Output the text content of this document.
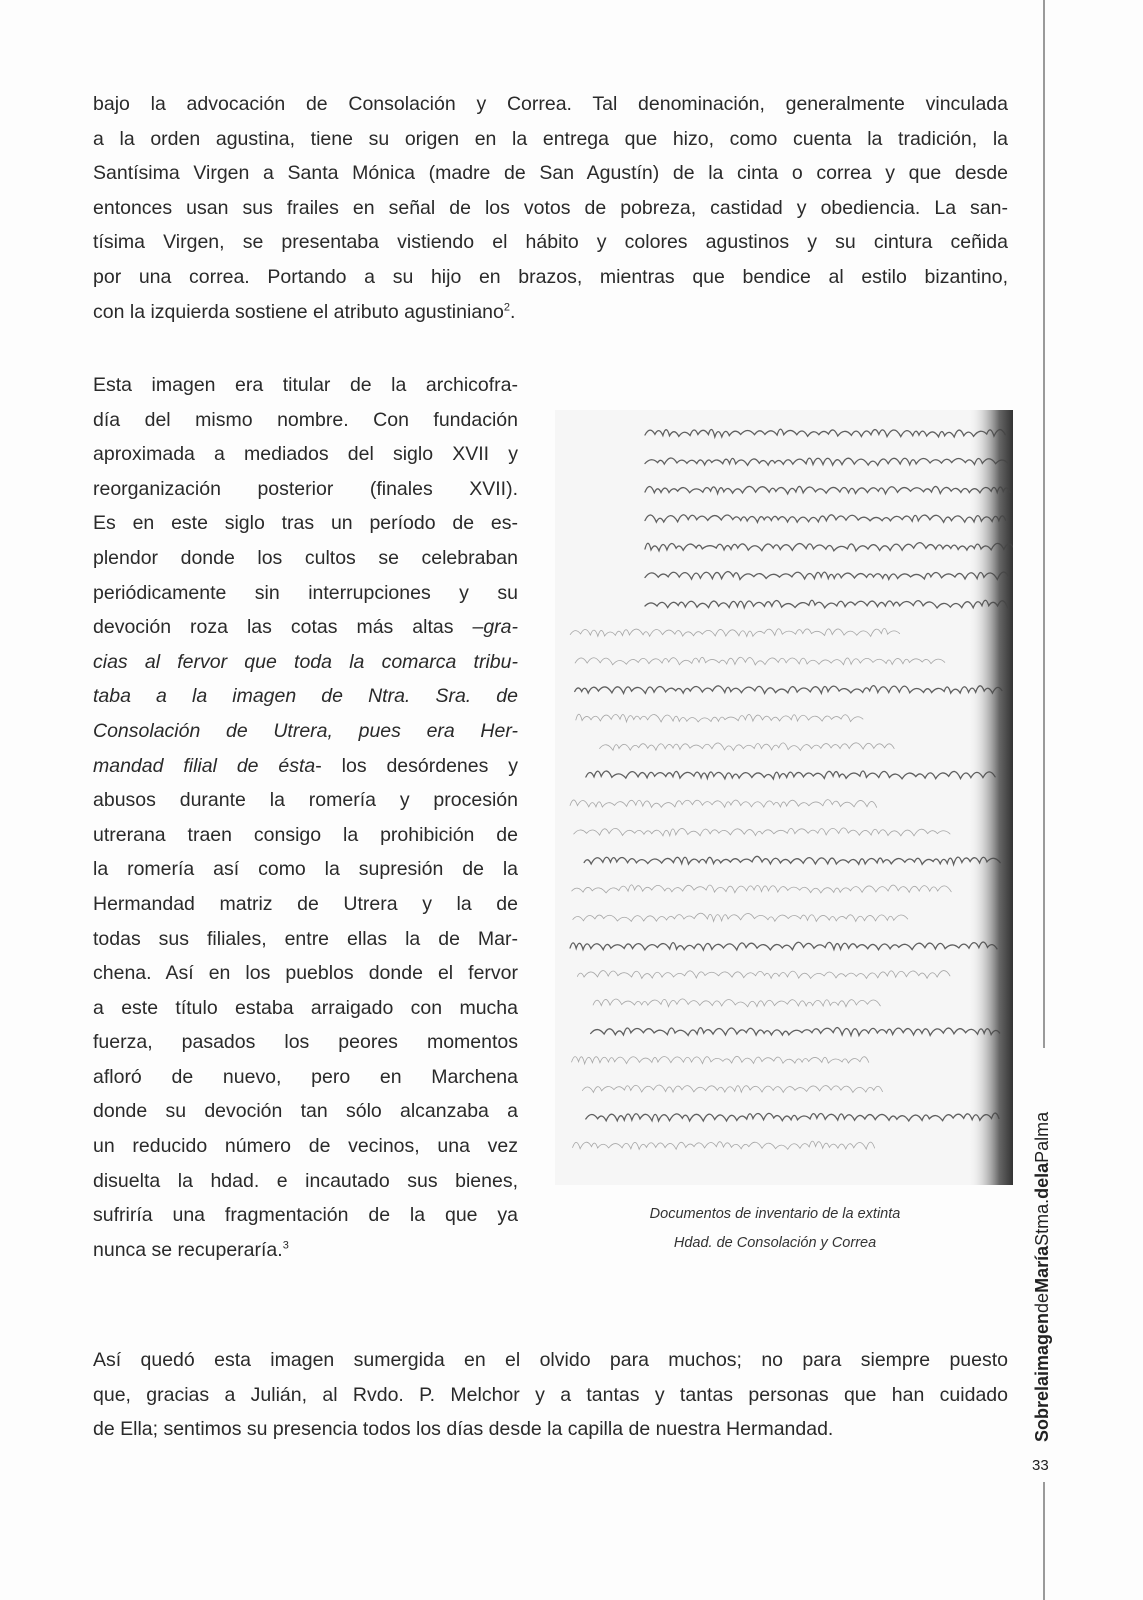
bajo la advocación de Consolación y Correa. Tal denominación, generalmente vinculada
a la orden agustina, tiene su origen en la entrega que hizo, como cuenta la tradición, la
Santísima Virgen a Santa Mónica (madre de San Agustín) de la cinta o correa y que desde
entonces usan sus frailes en señal de los votos de pobreza, castidad y obediencia. La san-
tísima Virgen, se presentaba vistiendo el hábito y colores agustinos y su cintura ceñida
por una correa. Portando a su hijo en brazos, mientras que bendice al estilo bizantino,
con la izquierda sostiene el atributo agustiniano$^2$.
Esta imagen era titular de la archicofra-
día del mismo nombre. Con fundación
aproximada a mediados del siglo XVII y
reorganización posterior (finales XVII).
Es en este siglo tras un período de es-
plendor donde los cultos se celebraban
periódicamente sin interrupciones y su
devoción roza las cotas más altas –gra-
cias al fervor que toda la comarca tribu-
taba a la imagen de Ntra. Sra. de
Consolación de Utrera, pues era Her-
mandad filial de ésta- los desórdenes y
abusos durante la romería y procesión
utrerana traen consigo la prohibición de
la romería así como la supresión de la
Hermandad matriz de Utrera y la de
todas sus filiales, entre ellas la de Mar-
chena. Así en los pueblos donde el fervor
a este título estaba arraigado con mucha
fuerza, pasados los peores momentos
afloró de nuevo, pero en Marchena
donde su devoción tan sólo alcanzaba a
un reducido número de vecinos, una vez
disuelta la hdad. e incautado sus bienes,
sufriría una fragmentación de la que ya
nunca se recuperaría.$^3$
Así quedó esta imagen sumergida en el olvido para muchos; no para siempre puesto
que, gracias a Julián, al Rvdo. P. Melchor y a tantas y tantas personas que han cuidado
de Ella; sentimos su presencia todos los días desde la capilla de nuestra Hermandad.
Documentos de inventario de la extinta
Hdad. de Consolación y Correa
SobrelaimagendeMaríaStma.delaPalma
33
